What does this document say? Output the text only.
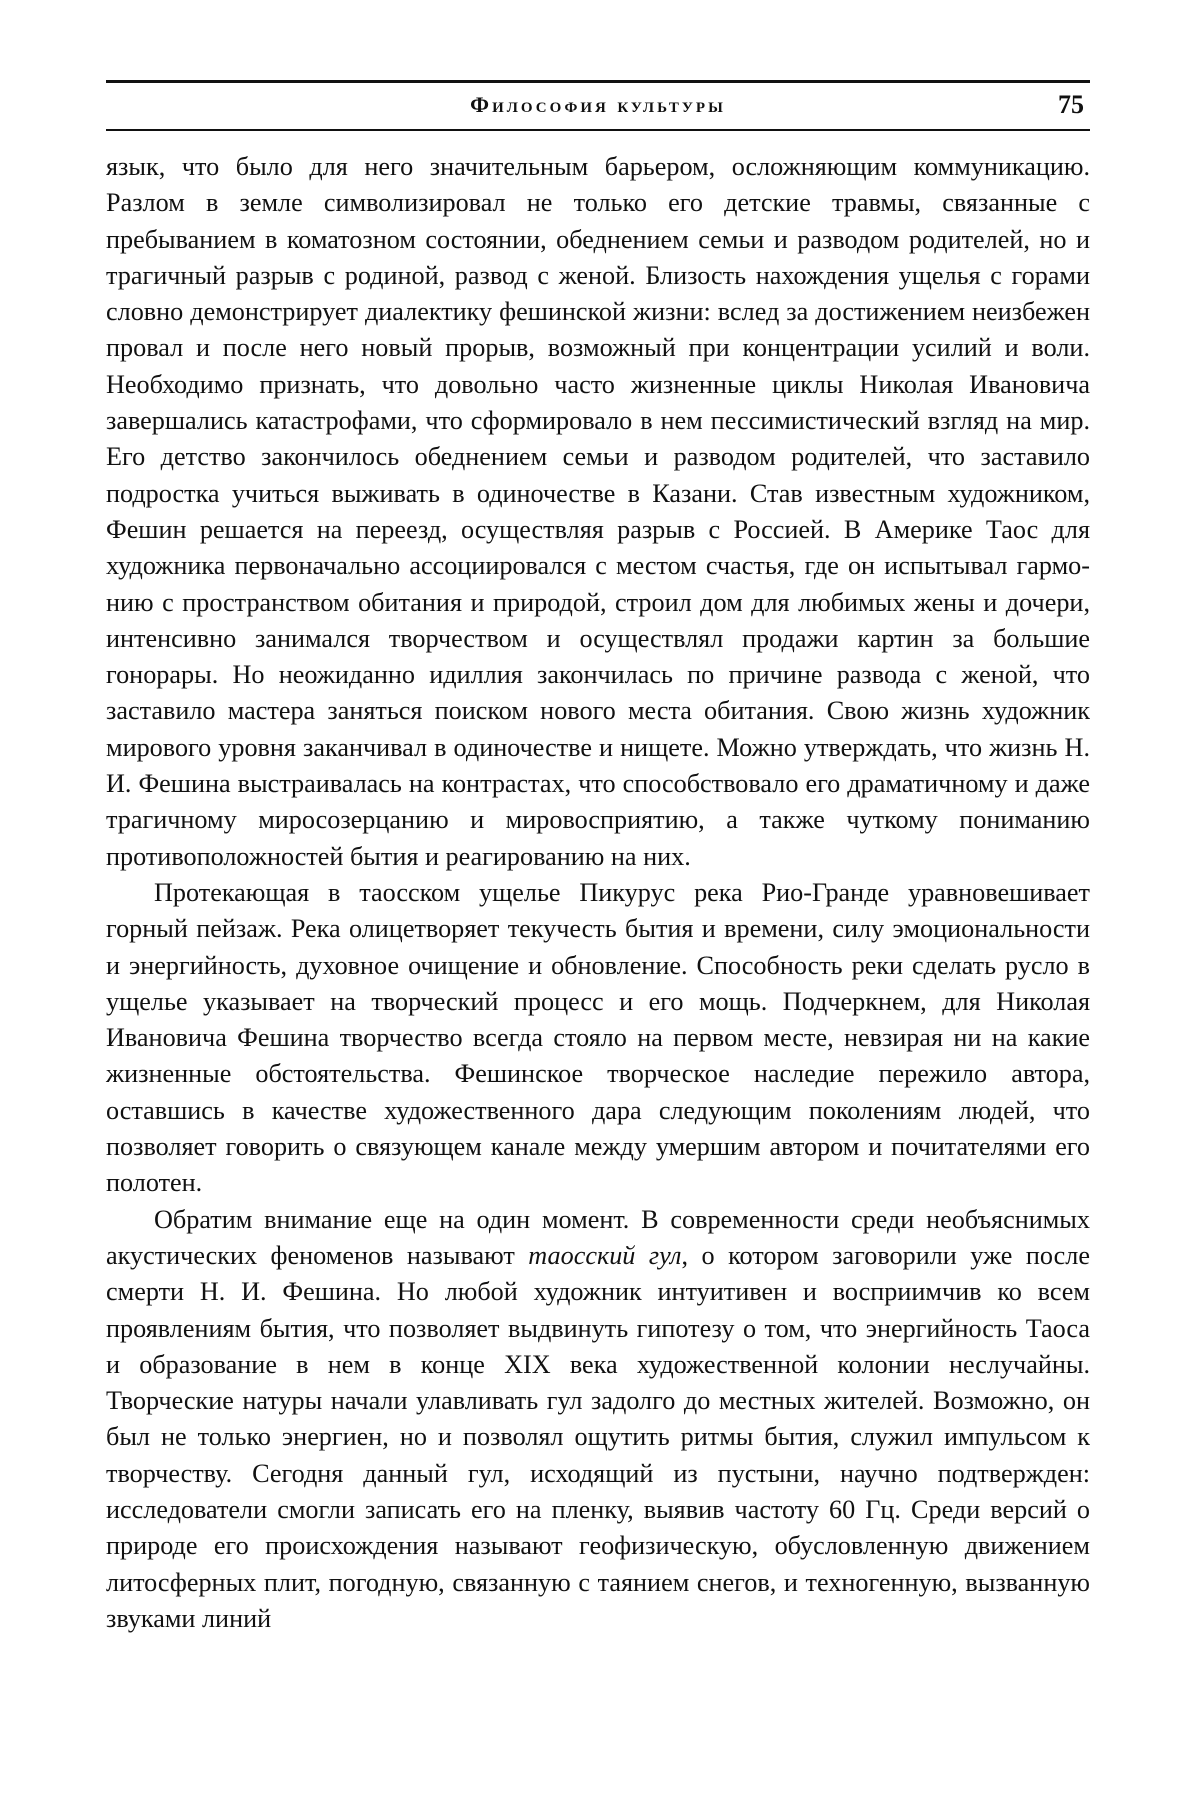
Философия культуры	75

язык, что было для него значительным барьером, осложняющим коммуника­цию. Разлом в земле символизировал не только его детские травмы, связанные с пребыванием в коматозном состоянии, обеднением семьи и разводом родите­лей, но и трагичный разрыв с родиной, развод с женой. Близость нахождения ущелья с горами словно демонстрирует диалектику фешинской жизни: вслед за достижением неизбежен провал и после него новый прорыв, возможный при концентрации усилий и воли. Необходимо признать, что довольно часто жизненные циклы Николая Ивановича завершались катастрофами, что сфор­мировало в нем пессимистический взгляд на мир. Его детство закончилось обеднением семьи и разводом родителей, что заставило подростка учиться вы­живать в одиночестве в Казани. Став известным художником, Фешин решается на переезд, осуществляя разрыв с Россией. В Америке Таос для художника первоначально ассоциировался с местом счастья, где он испытывал гармо­нию с пространством обитания и природой, строил дом для любимых жены и дочери, интенсивно занимался творчеством и осуществлял продажи картин за большие гонорары. Но неожиданно идиллия закончилась по причине раз­вода с женой, что заставило мастера заняться поиском нового места обитания. Свою жизнь художник мирового уровня заканчивал в одиночестве и нищете. Можно утверждать, что жизнь Н. И. Фешина выстраивалась на контрастах, что способствовало его драматичному и даже трагичному миросозерцанию и мировосприятию, а также чуткому пониманию противоположностей бытия и реагированию на них.

Протекающая в таосском ущелье Пикурус река Рио-Гранде уравновеши­вает горный пейзаж. Река олицетворяет текучесть бытия и времени, силу эмо­циональности и энергийность, духовное очищение и обновление. Способность реки сделать русло в ущелье указывает на творческий процесс и его мощь. Подчеркнем, для Николая Ивановича Фешина творчество всегда стояло на пер­вом месте, невзирая ни на какие жизненные обстоятельства. Фешинское твор­ческое наследие пережило автора, оставшись в качестве художественного дара следующим поколениям людей, что позволяет говорить о связующем канале между умершим автором и почитателями его полотен.

Обратим внимание еще на один момент. В современности среди необъяс­нимых акустических феноменов называют таосский гул, о котором заговорили уже после смерти Н. И. Фешина. Но любой художник интуитивен и восприим­чив ко всем проявлениям бытия, что позволяет выдвинуть гипотезу о том, что энергийность Таоса и образование в нем в конце XIX века художественной ко­лонии неслучайны. Творческие натуры начали улавливать гул задолго до мест­ных жителей. Возможно, он был не только энергиен, но и позволял ощутить ритмы бытия, служил импульсом к творчеству. Сегодня данный гул, исходящий из пустыни, научно подтвержден: исследователи смогли записать его на плен­ку, выявив частоту 60 Гц. Среди версий о природе его происхождения назы­вают геофизическую, обусловленную движением литосферных плит, погод­ную, связанную с таянием снегов, и техногенную, вызванную звуками линий
